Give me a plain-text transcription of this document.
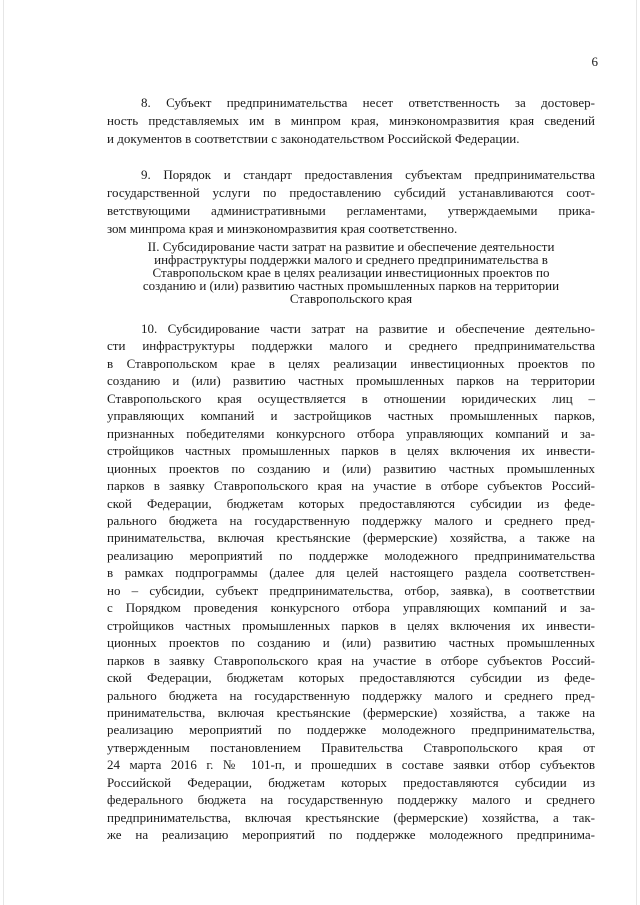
6
8. Субъект предпринимательства несет ответственность за достовер-
ность представляемых им в минпром края, минэкономразвития края сведений
и документов в соответствии с законодательством Российской Федерации.
9. Порядок и стандарт предоставления субъектам предпринимательства
государственной услуги по предоставлению субсидий устанавливаются соот-
ветствующими административными регламентами, утверждаемыми прика-
зом минпрома края и минэкономразвития края соответственно.
II. Субсидирование части затрат на развитие и обеспечение деятельности
инфраструктуры поддержки малого и среднего предпринимательства в
Ставропольском крае в целях реализации инвестиционных проектов по
созданию и (или) развитию частных промышленных парков на территории
Ставропольского края
10. Субсидирование части затрат на развитие и обеспечение деятельно-
сти инфраструктуры поддержки малого и среднего предпринимательства
в Ставропольском крае в целях реализации инвестиционных проектов по
созданию и (или) развитию частных промышленных парков на территории
Ставропольского края осуществляется в отношении юридических лиц –
управляющих компаний и застройщиков частных промышленных парков,
признанных победителями конкурсного отбора управляющих компаний и за-
стройщиков частных промышленных парков в целях включения их инвести-
ционных проектов по созданию и (или) развитию частных промышленных
парков в заявку Ставропольского края на участие в отборе субъектов Россий-
ской Федерации, бюджетам которых предоставляются субсидии из феде-
рального бюджета на государственную поддержку малого и среднего пред-
принимательства, включая крестьянские (фермерские) хозяйства, а также на
реализацию мероприятий по поддержке молодежного предпринимательства
в рамках подпрограммы (далее для целей настоящего раздела соответствен-
но – субсидии, субъект предпринимательства, отбор, заявка), в соответствии
с Порядком проведения конкурсного отбора управляющих компаний и за-
стройщиков частных промышленных парков в целях включения их инвести-
ционных проектов по созданию и (или) развитию частных промышленных
парков в заявку Ставропольского края на участие в отборе субъектов Россий-
ской Федерации, бюджетам которых предоставляются субсидии из феде-
рального бюджета на государственную поддержку малого и среднего пред-
принимательства, включая крестьянские (фермерские) хозяйства, а также на
реализацию мероприятий по поддержке молодежного предпринимательства,
утвержденным постановлением Правительства Ставропольского края от
24 марта 2016 г. № 101-п, и прошедших в составе заявки отбор субъектов
Российской Федерации, бюджетам которых предоставляются субсидии из
федерального бюджета на государственную поддержку малого и среднего
предпринимательства, включая крестьянские (фермерские) хозяйства, а так-
же на реализацию мероприятий по поддержке молодежного предпринима-
